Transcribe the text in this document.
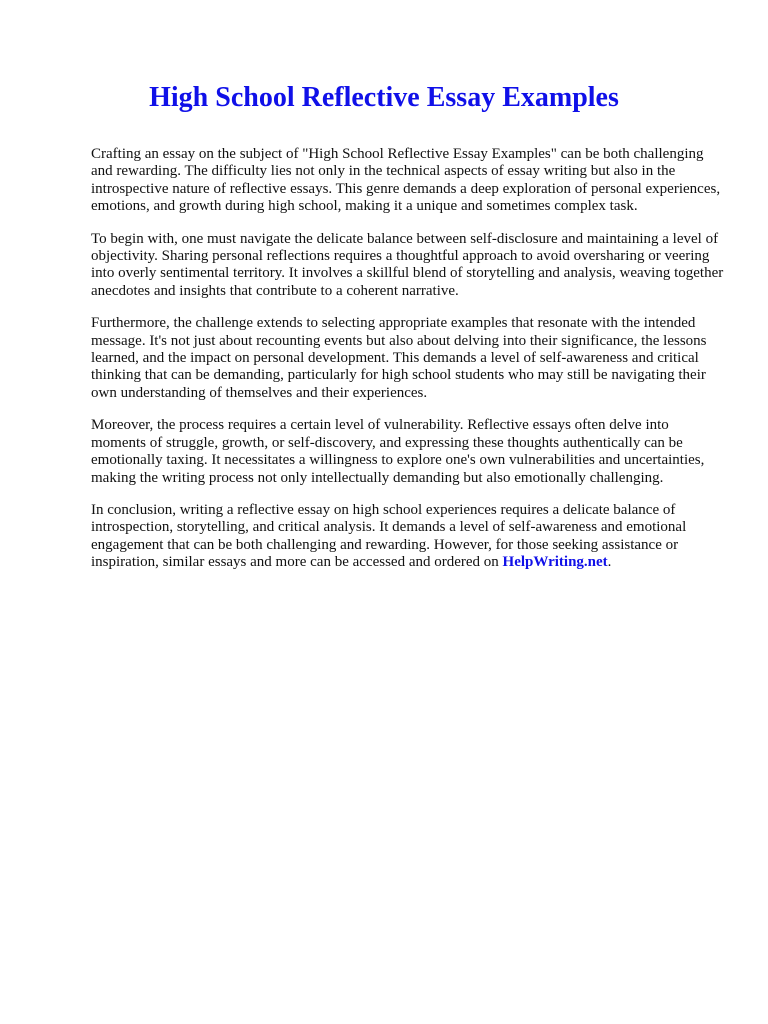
High School Reflective Essay Examples

Crafting an essay on the subject of "High School Reflective Essay Examples" can be both challenging and rewarding. The difficulty lies not only in the technical aspects of essay writing but also in the introspective nature of reflective essays. This genre demands a deep exploration of personal experiences, emotions, and growth during high school, making it a unique and sometimes complex task.

To begin with, one must navigate the delicate balance between self-disclosure and maintaining a level of objectivity. Sharing personal reflections requires a thoughtful approach to avoid oversharing or veering into overly sentimental territory. It involves a skillful blend of storytelling and analysis, weaving together anecdotes and insights that contribute to a coherent narrative.

Furthermore, the challenge extends to selecting appropriate examples that resonate with the intended message. It's not just about recounting events but also about delving into their significance, the lessons learned, and the impact on personal development. This demands a level of self-awareness and critical thinking that can be demanding, particularly for high school students who may still be navigating their own understanding of themselves and their experiences.

Moreover, the process requires a certain level of vulnerability. Reflective essays often delve into moments of struggle, growth, or self-discovery, and expressing these thoughts authentically can be emotionally taxing. It necessitates a willingness to explore one's own vulnerabilities and uncertainties, making the writing process not only intellectually demanding but also emotionally challenging.

In conclusion, writing a reflective essay on high school experiences requires a delicate balance of introspection, storytelling, and critical analysis. It demands a level of self-awareness and emotional engagement that can be both challenging and rewarding. However, for those seeking assistance or inspiration, similar essays and more can be accessed and ordered on HelpWriting.net.
